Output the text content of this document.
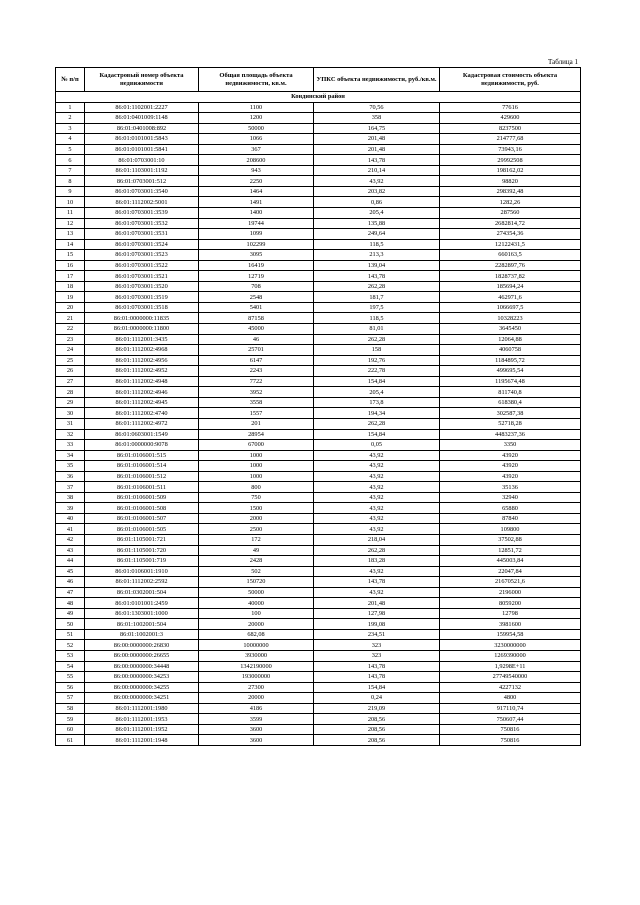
Таблица 1
№ п/п	Кадастровый номер объекта недвижимости	Общая площадь объекта недвижимости, кв.м.	УПКС объекта недвижимости, руб./кв.м.	Кадастровая стоимость объекта недвижимости, руб.
Кондинский район				
1	86:01:1102001:2227	1100	70,56	77616
2	86:01:0401009:1148	1200	358	429600
3	86:01:0401008:892	50000	164,75	8237500
4	86:01:0101001:5843	1066	201,48	214777,68
5	86:01:0101001:5841	367	201,48	73943,16
6	86:01:0703001:10	208600	143,78	29992508
7	86:01:1103001:1192	943	210,14	198162,02
8	86:01:0703001:512	2250	43,92	98820
9	86:01:0703001:3540	1464	203,82	298392,48
10	86:01:1112002:5001	1491	0,86	1282,26
11	86:01:0703001:3539	1400	205,4	287560
12	86:01:0703001:3532	19744	135,88	2682814,72
13	86:01:0703001:3531	1099	249,64	274354,36
14	86:01:0703001:3524	102299	118,5	12122431,5
15	86:01:0703001:3523	3095	213,3	660163,5
16	86:01:0703001:3522	16419	139,04	2282897,76
17	86:01:0703001:3521	12719	143,78	1828737,82
18	86:01:0703001:3520	708	262,28	185694,24
19	86:01:0703001:3519	2548	181,7	462971,6
20	86:01:0703001:3518	5401	197,5	1066697,5
21	86:01:0000000:11835	87158	118,5	10328223
22	86:01:0000000:11800	45000	81,01	3645450
23	86:01:1112001:3435	46	262,28	12064,88
24	86:01:1112002:4968	25701	158	4060758
25	86:01:1112002:4956	6147	192,76	1184895,72
26	86:01:1112002:4952	2243	222,78	499695,54
27	86:01:1112002:4948	7722	154,84	1195674,48
28	86:01:1112002:4946	3952	205,4	811740,8
29	86:01:1112002:4945	3558	173,8	618380,4
30	86:01:1112002:4740	1557	194,34	302587,38
31	86:01:1112002:4972	201	262,28	52718,28
32	86:01:0603001:1549	28954	154,84	4483237,36
33	86:01:0000000:9078	67000	0,05	3350
34	86:01:0106001:515	1000	43,92	43920
35	86:01:0106001:514	1000	43,92	43920
36	86:01:0106001:512	1000	43,92	43920
37	86:01:0106001:511	800	43,92	35136
38	86:01:0106001:509	750	43,92	32940
39	86:01:0106001:508	1500	43,92	65880
40	86:01:0106001:507	2000	43,92	87840
41	86:01:0106001:505	2500	43,92	109800
42	86:01:1105001:721	172	218,04	37502,88
43	86:01:1105001:720	49	262,28	12851,72
44	86:01:1105001:719	2428	183,28	445003,84
45	86:01:0106001:1910	502	43,92	22047,84
46	86:01:1112002:2592	150720	143,78	21670521,6
47	86:01:0302001:504	50000	43,92	2196000
48	86:01:0101001:2459	40000	201,48	8059200
49	86:01:1303001:1000	100	127,98	12798
50	86:01:1002001:504	20000	199,08	3981600
51	86:01:1002001:3	682,08	234,51	159954,58
52	86:00:0000000:26830	10000000	323	3230000000
53	86:00:0000000:26655	3930000	323	1269390000
54	86:00:0000000:34448	1342190000	143,78	1,9298E+11
55	86:00:0000000:34253	193000000	143,78	27749540000
56	86:00:0000000:34255	27300	154,84	4227132
57	86:00:0000000:34251	20000	0,24	4800
58	86:01:1112001:1980	4186	219,09	917110,74
59	86:01:1112001:1953	3599	208,56	750607,44
60	86:01:1112001:1952	3600	208,56	750816
61	86:01:1112001:1948	3600	208,56	750816
